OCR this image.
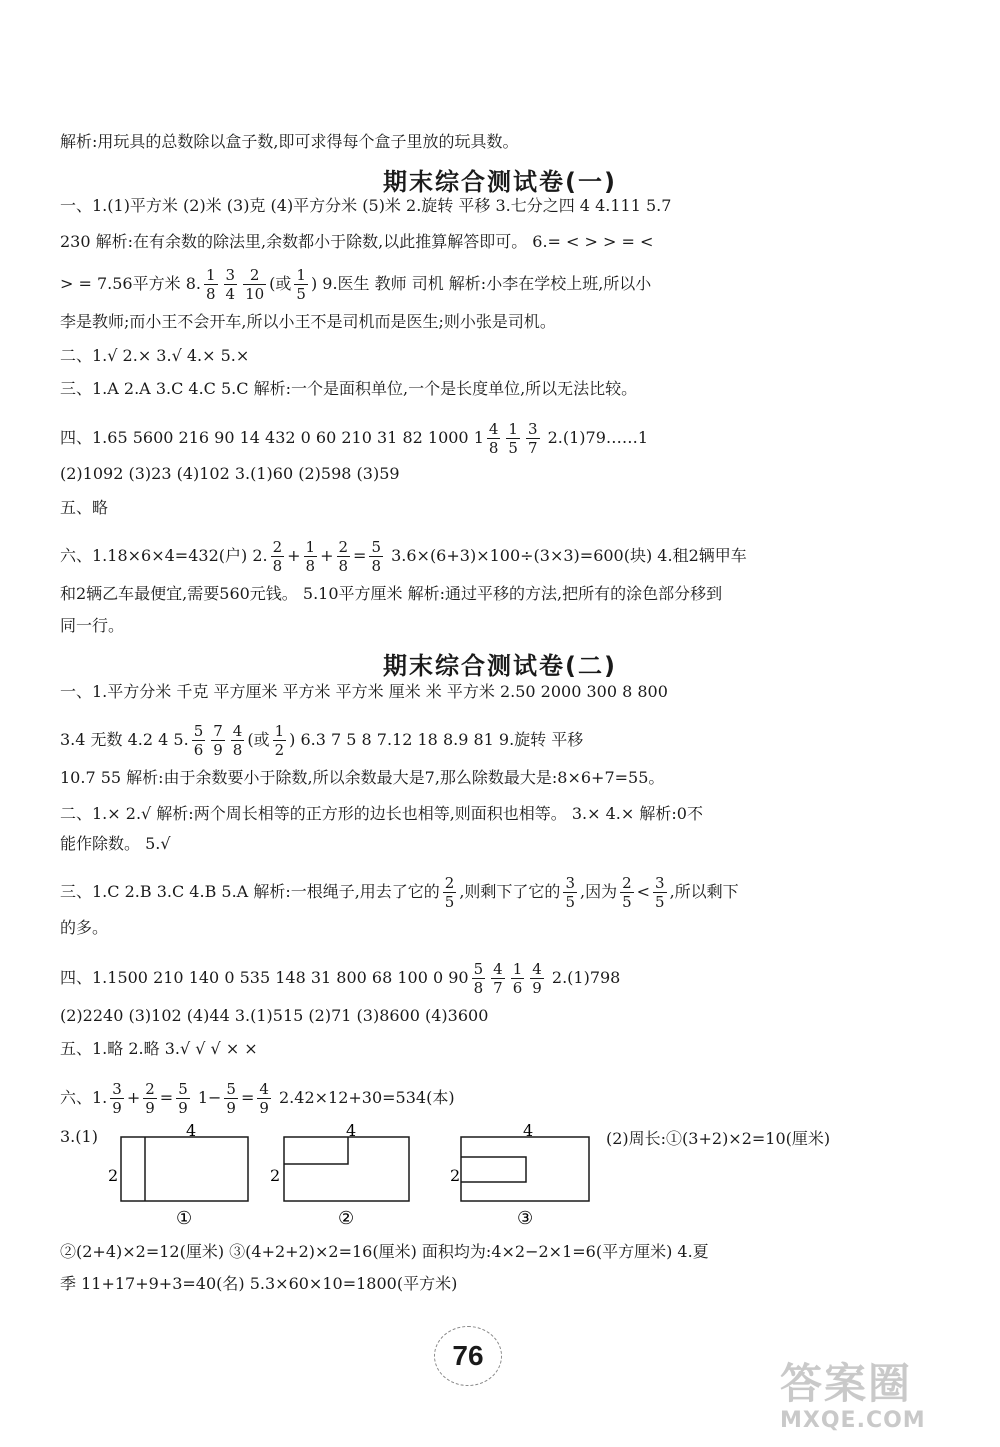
解析:用玩具的总数除以盒子数,即可求得每个盒子里放的玩具数。
期末综合测试卷(一)
一、1.(1)平方米 (2)米 (3)克 (4)平方分米 (5)米 2.旋转 平移 3.七分之四 4 4.111 5.7
230 解析:在有余数的除法里,余数都小于除数,以此推算解答即可。 6.= < > > = <
> = 7.56平方米 8. $\frac{1}{8} \frac{3}{4} \frac{2}{10}$ (或 $\frac{1}{5}$ ) 9.医生 教师 司机 解析:小李在学校上班,所以小
李是教师;而小王不会开车,所以小王不是司机而是医生;则小张是司机。
二、1.√ 2.× 3.√ 4.× 5.×
三、1.A 2.A 3.C 4.C 5.C 解析:一个是面积单位,一个是长度单位,所以无法比较。
四、1.65 5600 216 90 14 432 0 60 210 31 82 1000 $1 \frac{4}{8} \frac{1}{5} \frac{3}{7}$ 2.(1)79……1
(2)1092 (3)23 (4)102 3.(1)60 (2)598 (3)59
五、略
六、1.18×6×4=432(户) 2. $\frac{2}{8} + \frac{1}{8} + \frac{2}{8} = \frac{5}{8} 3.6\times(6+3)\times 100\div(3\times 3)=600$(块) 4.租2辆甲车
和2辆乙车最便宜,需要560元钱。 5.10平方厘米 解析:通过平移的方法,把所有的涂色部分移到
同一行。
期末综合测试卷(二)
一、1.平方分米 千克 平方厘米 平方米 平方米 厘米 米 平方米 2.50 2000 300 8 800
3.4 无数 4.2 4 5. $\frac{5}{6} \frac{7}{9} \frac{4}{8}$ (或 $\frac{1}{2}$ ) 6.3 7 5 8 7.12 18 8.9 81 9.旋转 平移
10.7 55 解析:由于余数要小于除数,所以余数最大是7,那么除数最大是:8×6+7=55。
二、1.× 2.√ 解析:两个周长相等的正方形的边长也相等,则面积也相等。 3.× 4.× 解析:0不
能作除数。 5.√
三、1.C 2.B 3.C 4.B 5.A 解析:一根绳子,用去了它的 $\frac{2}{5}$ ,则剩下了它的 $\frac{3}{5}$ ,因为 $\frac{2}{5} < \frac{3}{5}$ ,所以剩下
的多。
四、1.1500 210 140 0 535 148 31 800 68 100 0 $90 \frac{5}{8} \frac{4}{7} \frac{1}{6} \frac{4}{9} 2.(1)798$
(2)2240 (3)102 (4)44 3.(1)515 (2)71 (3)8600 (4)3600
五、1.略 2.略 3.√ √ √ × ×
六、1. $\frac{3}{9} + \frac{2}{9} = \frac{5}{9} 1- \frac{5}{9} = \frac{4}{9} 2.42\times 12+30=534$(本)
3.(1)	4
2
①
4
2
②
4
2
③
(2)周长:①(3+2)×2=10(厘米)
②(2+4)×2=12(厘米) ③(4+2+2)×2=16(厘米) 面积均为:4×2−2×1=6(平方厘米) 4.夏
季 11+17+9+3=40(名) 5.3×60×10=1800(平方米)
76
答案圈
MXQE.COM
